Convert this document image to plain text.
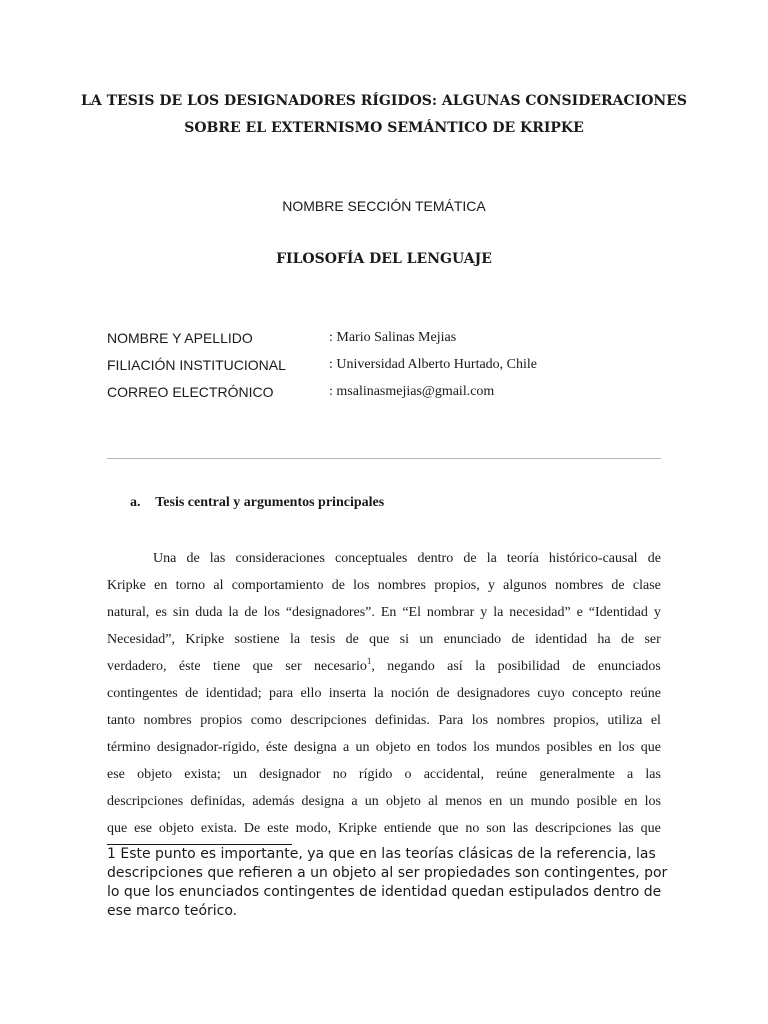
LA TESIS DE LOS DESIGNADORES RÍGIDOS: ALGUNAS CONSIDERACIONES
SOBRE EL EXTERNISMO SEMÁNTICO DE KRIPKE
NOMBRE SECCIÓN TEMÁTICA
FILOSOFÍA DEL LENGUAJE
NOMBRE Y APELLIDO	: Mario Salinas Mejias
FILIACIÓN INSTITUCIONAL	: Universidad Alberto Hurtado, Chile
CORREO ELECTRÓNICO	: msalinasmejias@gmail.com
a. Tesis central y argumentos principales
Una de las consideraciones conceptuales dentro de la teoría histórico-causal de
Kripke en torno al comportamiento de los nombres propios, y algunos nombres de clase
natural, es sin duda la de los “designadores”. En “El nombrar y la necesidad” e “Identidad y
Necesidad”, Kripke sostiene la tesis de que si un enunciado de identidad ha de ser
verdadero, éste tiene que ser necesario$^1$, negando así la posibilidad de enunciados
contingentes de identidad; para ello inserta la noción de designadores cuyo concepto reúne
tanto nombres propios como descripciones definidas. Para los nombres propios, utiliza el
término designador-rígido, éste designa a un objeto en todos los mundos posibles en los que
ese objeto exista; un designador no rígido o accidental, reúne generalmente a las
descripciones definidas, además designa a un objeto al menos en un mundo posible en los
que ese objeto exista. De este modo, Kripke entiende que no son las descripciones las que
1 Este punto es importante, ya que en las teorías clásicas de la referencia, las
descripciones que refieren a un objeto al ser propiedades son contingentes, por
lo que los enunciados contingentes de identidad quedan estipulados dentro de
ese marco teórico.
